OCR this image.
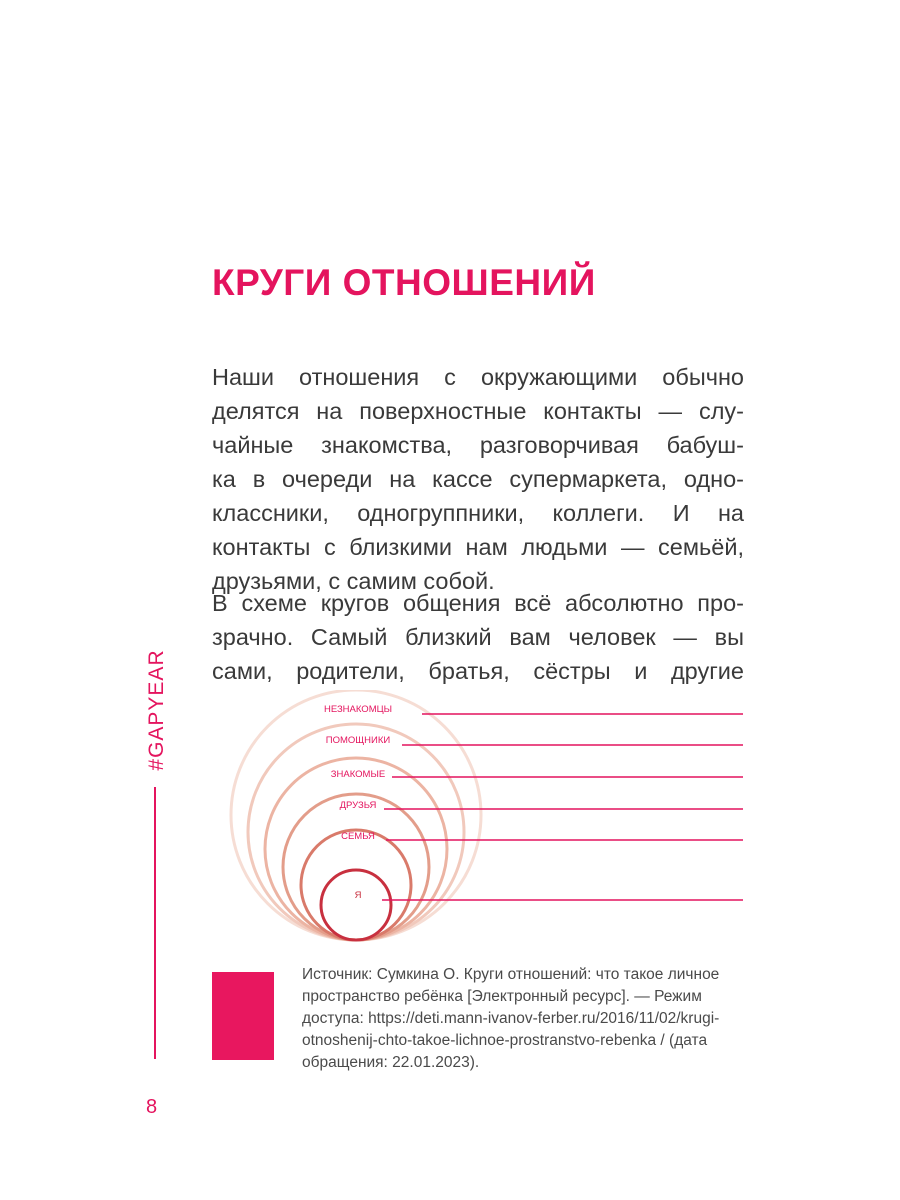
#GAPYEAR
8
КРУГИ ОТНОШЕНИЙ

Наши отношения с окружающими обычно
делятся на поверхностные контакты — слу-
чайные знакомства, разговорчивая бабуш-
ка в очереди на кассе супермаркета, одно-
классники, одногруппники, коллеги. И на
контакты с близкими нам людьми — семьёй,
друзьями, с самим собой.

В схеме кругов общения всё абсолютно про-
зрачно. Самый близкий вам человек — вы
сами, родители, братья, сёстры и другие

НЕЗНАКОМЦЫ
ПОМОЩНИКИ
ЗНАКОМЫЕ
ДРУЗЬЯ
СЕМЬЯ
Я

Источник: Сумкина О. Круги отношений: что такое личное
пространство ребёнка [Электронный ресурс]. — Режим
доступа: https://deti.mann-ivanov-ferber.ru/2016/11/02/krugi-
otnoshenij-chto-takoe-lichnoe-prostranstvo-rebenka / (дата
обращения: 22.01.2023).
